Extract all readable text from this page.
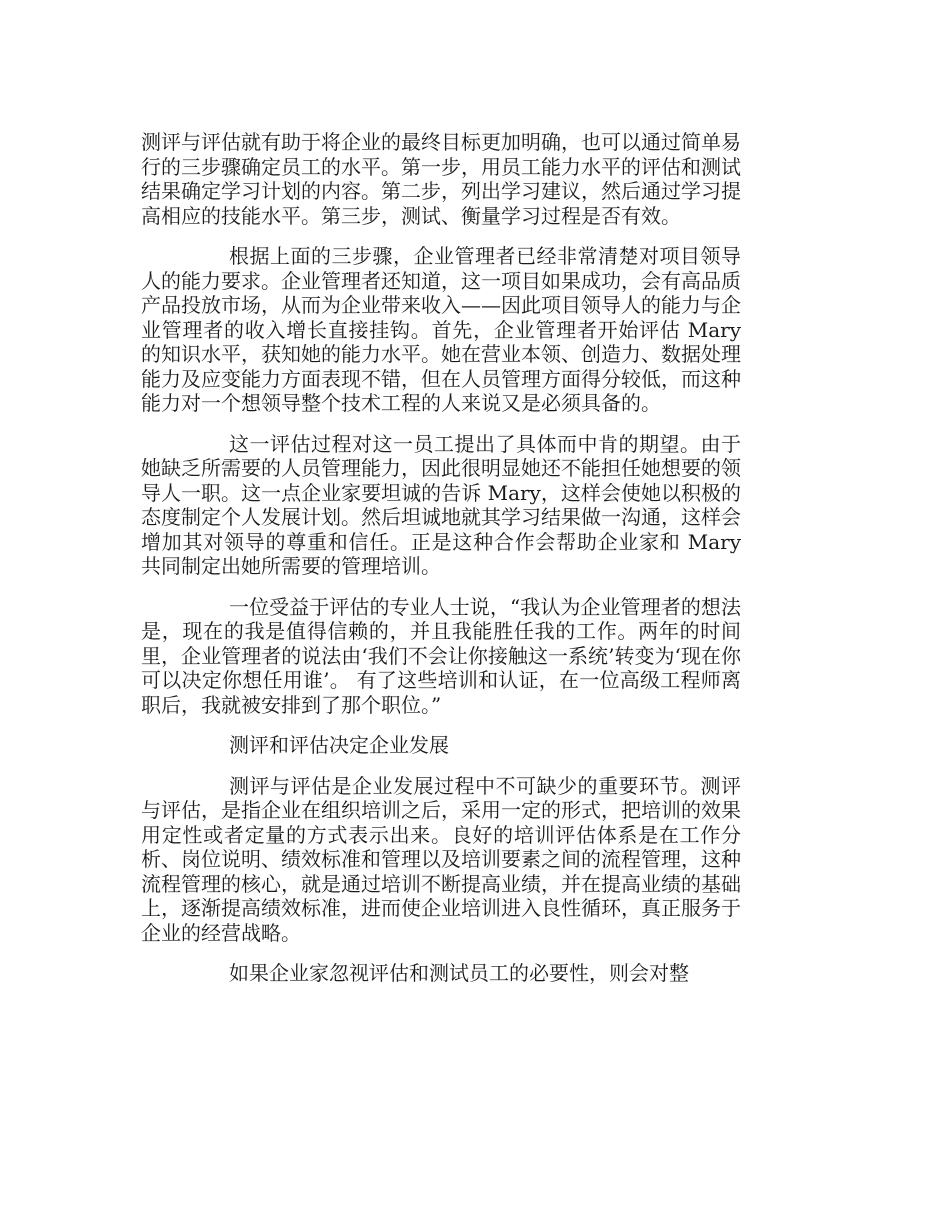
测评与评估就有助于将企业的最终目标更加明确，也可以通过简单易行的三步骤确定员工的水平。第一步，用员工能力水平的评估和测试结果确定学习计划的内容。第二步，列出学习建议，然后通过学习提高相应的技能水平。第三步，测试、衡量学习过程是否有效。

根据上面的三步骤，企业管理者已经非常清楚对项目领导人的能力要求。企业管理者还知道，这一项目如果成功，会有高品质产品投放市场，从而为企业带来收入——因此项目领导人的能力与企业管理者的收入增长直接挂钩。首先，企业管理者开始评估 Mary 的知识水平，获知她的能力水平。她在营业本领、创造力、数据处理能力及应变能力方面表现不错，但在人员管理方面得分较低，而这种能力对一个想领导整个技术工程的人来说又是必须具备的。

这一评估过程对这一员工提出了具体而中肯的期望。由于她缺乏所需要的人员管理能力，因此很明显她还不能担任她想要的领导人一职。这一点企业家要坦诚的告诉 Mary，这样会使她以积极的态度制定个人发展计划。然后坦诚地就其学习结果做一沟通，这样会增加其对领导的尊重和信任。正是这种合作会帮助企业家和 Mary 共同制定出她所需要的管理培训。

一位受益于评估的专业人士说，“我认为企业管理者的想法是，现在的我是值得信赖的，并且我能胜任我的工作。两年的时间里，企业管理者的说法由‘我们不会让你接触这一系统’转变为‘现在你可以决定你想任用谁’。 有了这些培训和认证，在一位高级工程师离职后，我就被安排到了那个职位。”

测评和评估决定企业发展

测评与评估是企业发展过程中不可缺少的重要环节。测评与评估，是指企业在组织培训之后，采用一定的形式，把培训的效果用定性或者定量的方式表示出来。良好的培训评估体系是在工作分析、岗位说明、绩效标准和管理以及培训要素之间的流程管理，这种流程管理的核心，就是通过培训不断提高业绩，并在提高业绩的基础上，逐渐提高绩效标准，进而使企业培训进入良性循环，真正服务于企业的经营战略。

如果企业家忽视评估和测试员工的必要性，则会对整
